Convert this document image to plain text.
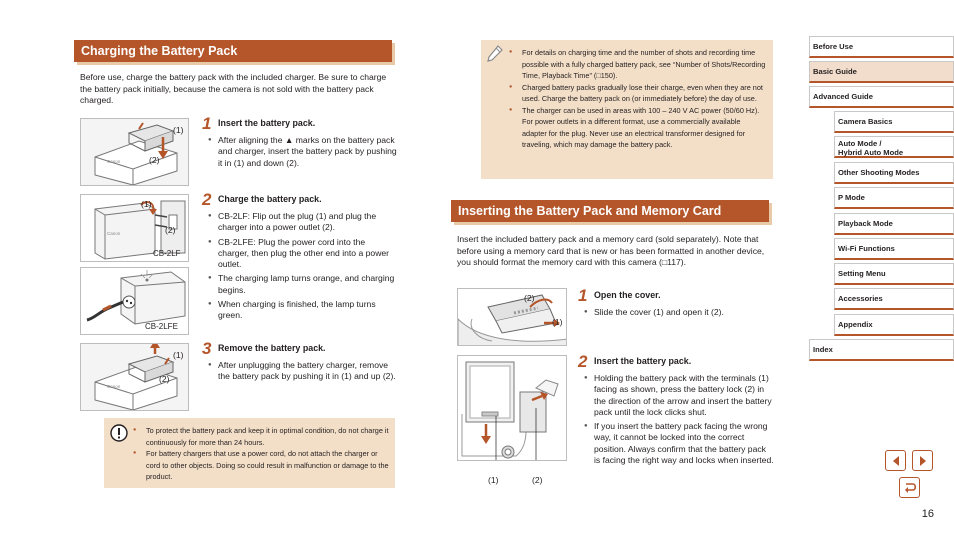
Charging the Battery Pack
Before use, charge the battery pack with the included charger. Be sure to charge the battery pack initially, because the camera is not sold with the battery pack charged.
Canon
(1)
(2)
1 Insert the battery pack.
● After aligning the ▲ marks on the battery pack and charger, insert the battery pack by pushing it in (1) and down (2).
Canon
(1)
(2)
CB-2LF
CB-2LFE
2 Charge the battery pack.
● CB-2LF: Flip out the plug (1) and plug the charger into a power outlet (2).
● CB-2LFE: Plug the power cord into the charger, then plug the other end into a power outlet.
● The charging lamp turns orange, and charging begins.
● When charging is finished, the lamp turns green.
Canon
(1)
(2)
3 Remove the battery pack.
● After unplugging the battery charger, remove the battery pack by pushing it in (1) and up (2).
● To protect the battery pack and keep it in optimal condition, do not charge it continuously for more than 24 hours.
● For battery chargers that use a power cord, do not attach the charger or cord to other objects. Doing so could result in malfunction or damage to the product.
● For details on charging time and the number of shots and recording time possible with a fully charged battery pack, see “Number of Shots/Recording Time, Playback Time” (□150).
● Charged battery packs gradually lose their charge, even when they are not used. Charge the battery pack on (or immediately before) the day of use.
● The charger can be used in areas with 100 – 240 V AC power (50/60 Hz). For power outlets in a different format, use a commercially available adapter for the plug. Never use an electrical transformer designed for traveling, which may damage the battery pack.
Inserting the Battery Pack and Memory Card
Insert the included battery pack and a memory card (sold separately). Note that before using a memory card that is new or has been formatted in another device, you should format the memory card with this camera (□117).
(2)
(1)
1 Open the cover.
● Slide the cover (1) and open it (2).
(1)	(2)
2 Insert the battery pack.
● Holding the battery pack with the terminals (1) facing as shown, press the battery lock (2) in the direction of the arrow and insert the battery pack until the lock clicks shut.
● If you insert the battery pack facing the wrong way, it cannot be locked into the correct position. Always confirm that the battery pack is facing the right way and locks when inserted.
Before Use
Basic Guide
Advanced Guide
Camera Basics
Auto Mode /
Hybrid Auto Mode
Other Shooting Modes
P Mode
Playback Mode
Wi-Fi Functions
Setting Menu
Accessories
Appendix
Index
16
